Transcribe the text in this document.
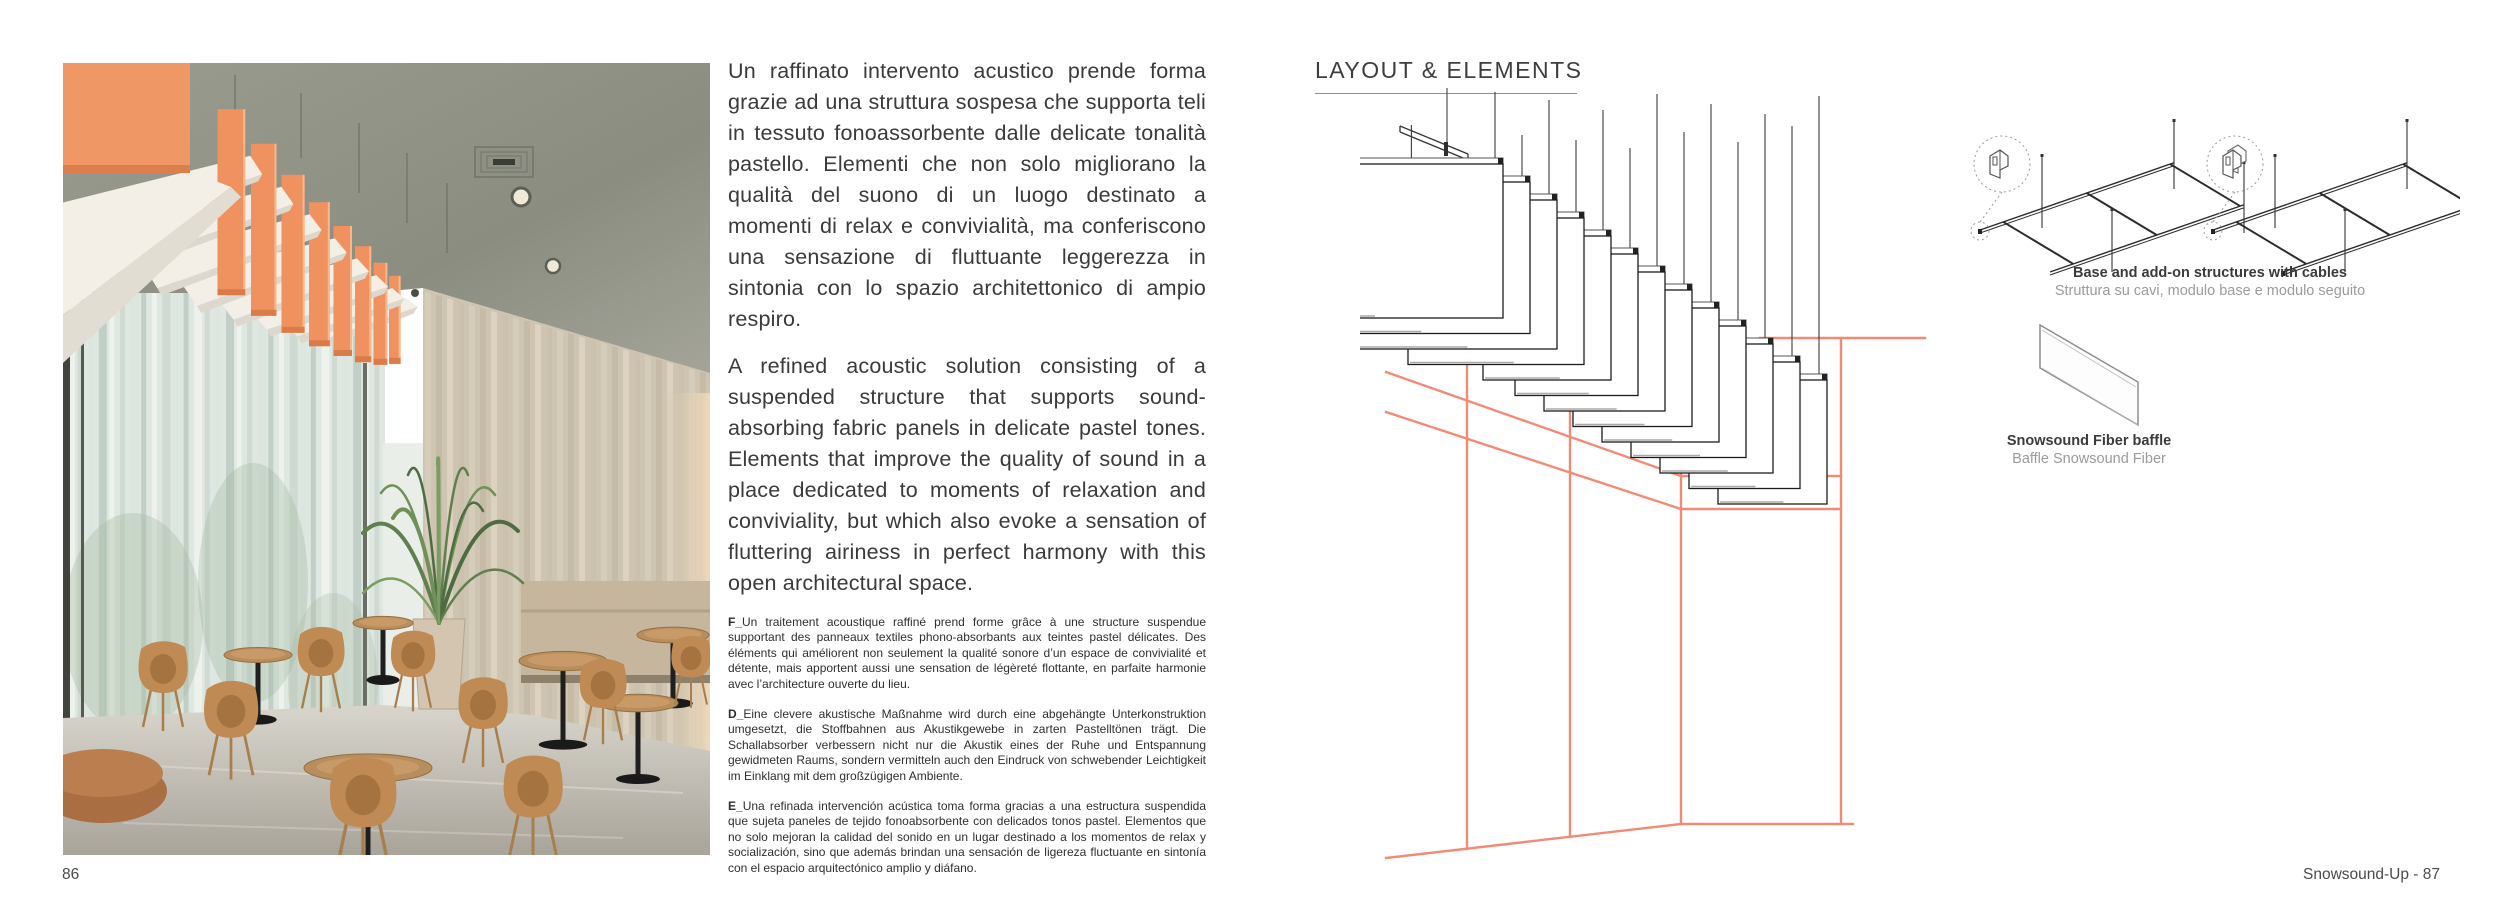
Un raffinato intervento acustico prende forma grazie ad una struttura sospesa che supporta teli in tessuto fonoassorbente dalle delicate tonalità pastello. Elementi che non solo migliorano la qualità del suono di un luogo destinato a momenti di relax e convivialità, ma conferiscono una sensazione di fluttuante leggerezza in sintonia con lo spazio architettonico di ampio respiro.

A refined acoustic solution consisting of a suspended structure that supports sound-absorbing fabric panels in delicate pastel tones. Elements that improve the quality of sound in a place dedicated to moments of relaxation and conviviality, but which also evoke a sensation of fluttering airiness in perfect harmony with this open architectural space.

F_Un traitement acoustique raffiné prend forme grâce à une structure suspendue supportant des panneaux textiles phono-absorbants aux teintes pastel délicates. Des éléments qui améliorent non seulement la qualité sonore d’un espace de convivialité et détente, mais apportent aussi une sensation de légèreté flottante, en parfaite harmonie avec l’architecture ouverte du lieu.

D_Eine clevere akustische Maßnahme wird durch eine abgehängte Unterkonstruktion umgesetzt, die Stoffbahnen aus Akustikgewebe in zarten Pastelltönen trägt. Die Schallabsorber verbessern nicht nur die Akustik eines der Ruhe und Entspannung gewidmeten Raums, sondern vermitteln auch den Eindruck von schwebender Leichtigkeit im Einklang mit dem großzügigen Ambiente.

E_Una refinada intervención acústica toma forma gracias a una estructura suspendida que sujeta paneles de tejido fonoabsorbente con delicados tonos pastel. Elementos que no solo mejoran la calidad del sonido en un lugar destinado a los momentos de relax y socialización, sino que además brindan una sensación de ligereza fluctuante en sintonía con el espacio arquitectónico amplio y diáfano.

86
LAYOUT & ELEMENTS
Base and add-on structures with cables
Struttura su cavi, modulo base e modulo seguito
Snowsound Fiber baffle
Baffle Snowsound Fiber
Snowsound-Up - 87
